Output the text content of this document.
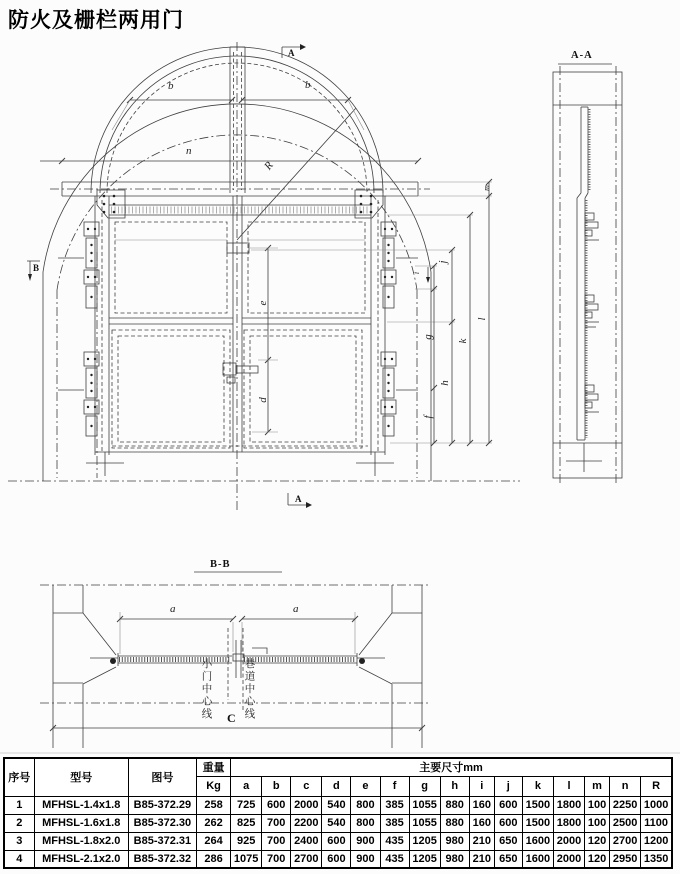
防火及栅栏两用门
A
A
B
b	b
n
R
e
d
i
g
f
j
h
k
l
m
A-A
B-B
a	a
C
小门中心线	巷道中心线
序号	型号	图号	重量	主要尺寸mm														
			Kg	a	b	c	d	e	f	g	h	i	j	k	l	m	n	R
1	MFHSL-1.4x1.8	B85-372.29	258	725	600	2000	540	800	385	1055	880	160	600	1500	1800	100	2250	1000
2	MFHSL-1.6x1.8	B85-372.30	262	825	700	2200	540	800	385	1055	880	160	600	1500	1800	100	2500	1100
3	MFHSL-1.8x2.0	B85-372.31	264	925	700	2400	600	900	435	1205	980	210	650	1600	2000	120	2700	1200
4	MFHSL-2.1x2.0	B85-372.32	286	1075	700	2700	600	900	435	1205	980	210	650	1600	2000	120	2950	1350
